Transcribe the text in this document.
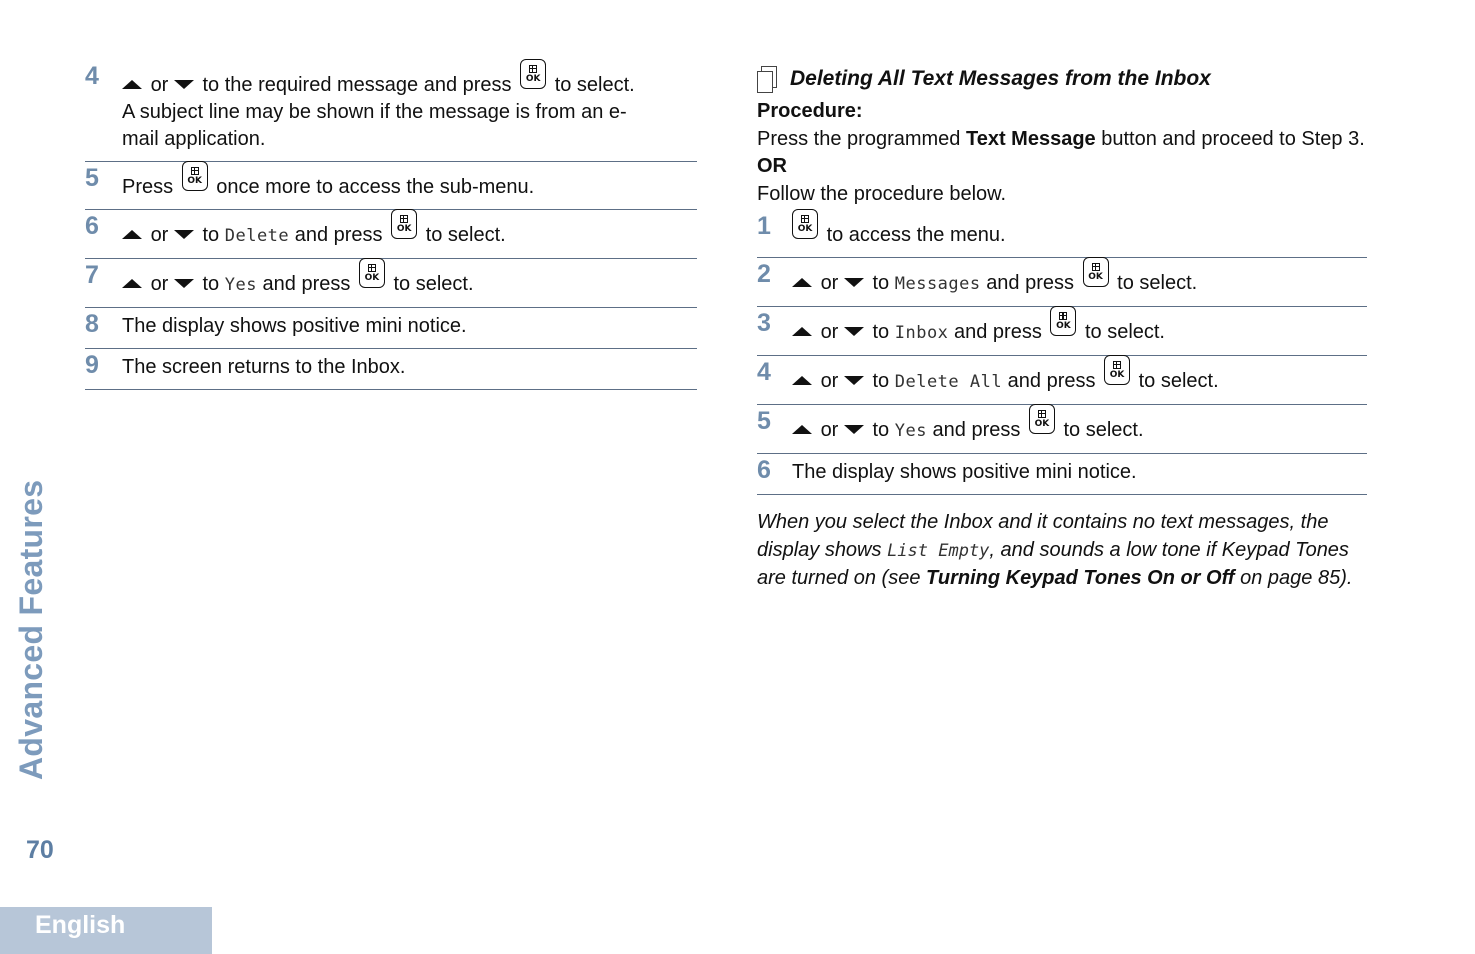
4	or to the required message and press	OK to select.
A subject line may be shown if the message is from an e-mail application.
5 Press	OK once more to access the sub-menu.
6	or to Delete and press	OK to select.
7	or to Yes and press	OK to select.
8 The display shows positive mini notice.
9 The screen returns to the Inbox.
Deleting All Text Messages from the Inbox
Procedure:
Press the programmed Text Message button and proceed to Step 3.
OR
Follow the procedure below.
1	OK to access the menu.
2	or to Messages and press	OK to select.
3	or to Inbox and press	OK to select.
4	or to Delete All and press	OK to select.
5	or to Yes and press	OK to select.
6 The display shows positive mini notice.
When you select the Inbox and it contains no text messages, the display shows List Empty, and sounds a low tone if Keypad Tones are turned on (see Turning Keypad Tones On or Off on page 85).
Advanced Features
70
English
